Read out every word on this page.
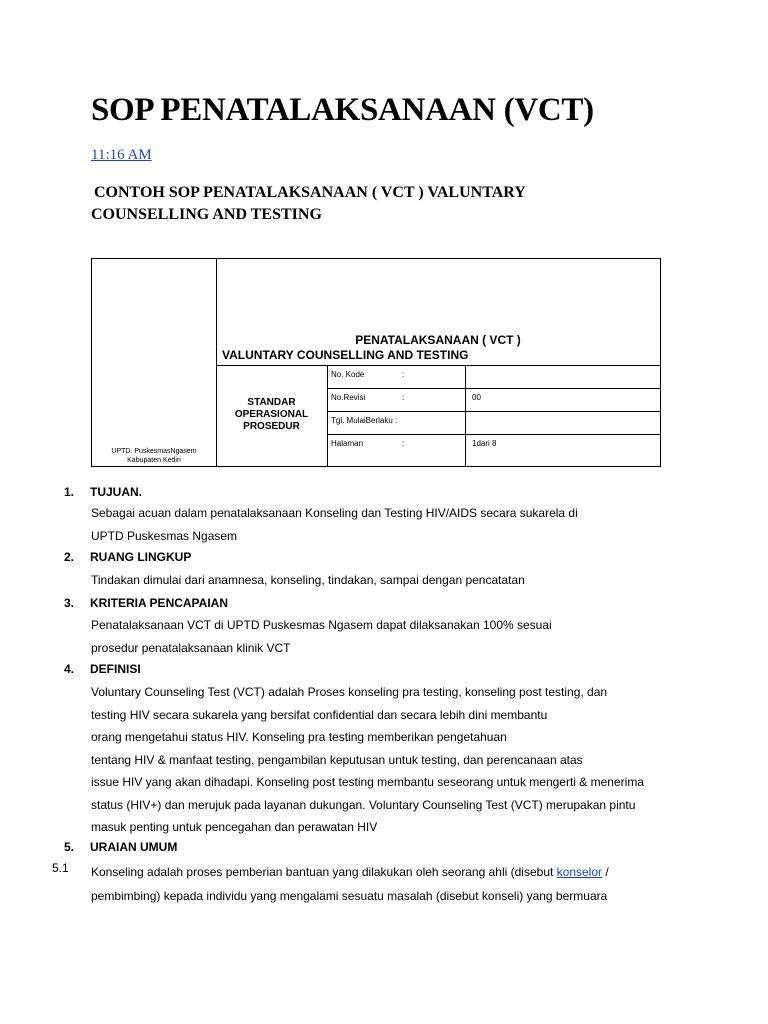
SOP PENATALAKSANAAN (VCT)
11:16 AM
CONTOH SOP PENATALAKSANAAN ( VCT ) VALUNTARY
COUNSELLING AND TESTING
UPTD. PuskesmasNgasem
Kabupaten Kediri
PENATALAKSANAAN ( VCT )
VALUNTARY COUNSELLING AND TESTING
STANDAR
OPERASIONAL
PROSEDUR
No. Kode	:
No.Revisi	:	00
Tgl. MulaiBerlaku :
Halaman	:	1dari 8
1. TUJUAN.
Sebagai acuan dalam penatalaksanaan Konseling dan Testing HIV/AIDS secara sukarela di
UPTD Puskesmas Ngasem
2. RUANG LINGKUP
Tindakan dimulai dari anamnesa, konseling, tindakan, sampai dengan pencatatan
3. KRITERIA PENCAPAIAN
Penatalaksanaan VCT di UPTD Puskesmas Ngasem dapat dilaksanakan 100% sesuai
prosedur penatalaksanaan klinik VCT
4. DEFINISI
Voluntary Counseling Test (VCT) adalah Proses konseling pra testing, konseling post testing, dan
testing HIV secara sukarela yang bersifat confidential dan secara lebih dini membantu
orang mengetahui status HIV. Konseling pra testing memberikan pengetahuan
tentang HIV & manfaat testing, pengambilan keputusan untuk testing, dan perencanaan atas
issue HIV yang akan dihadapi. Konseling post testing membantu seseorang untuk mengerti & menerima
status (HIV+) dan merujuk pada layanan dukungan. Voluntary Counseling Test (VCT) merupakan pintu
masuk penting untuk pencegahan dan perawatan HIV
5. URAIAN UMUM
5.1 Konseling adalah proses pemberian bantuan yang dilakukan oleh seorang ahli (disebut konselor /
pembimbing) kepada individu yang mengalami sesuatu masalah (disebut konseli) yang bermuara
